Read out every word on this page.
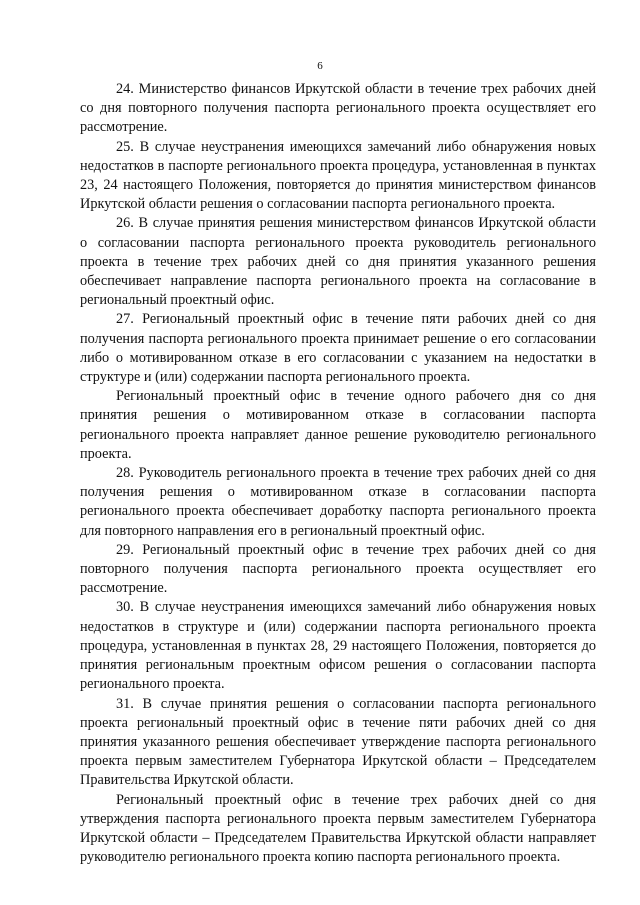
6

24. Министерство финансов Иркутской области в течение трех рабочих дней со дня повторного получения паспорта регионального проекта осуществляет его рассмотрение.

25. В случае неустранения имеющихся замечаний либо обнаружения новых недостатков в паспорте регионального проекта процедура, установленная в пунктах 23, 24 настоящего Положения, повторяется до принятия министерством финансов Иркутской области решения о согласовании паспорта регионального проекта.

26. В случае принятия решения министерством финансов Иркутской области о согласовании паспорта регионального проекта руководитель регионального проекта в течение трех рабочих дней со дня принятия указанного решения обеспечивает направление паспорта регионального проекта на согласование в региональный проектный офис.

27. Региональный проектный офис в течение пяти рабочих дней со дня получения паспорта регионального проекта принимает решение о его согласовании либо о мотивированном отказе в его согласовании с указанием на недостатки в структуре и (или) содержании паспорта регионального проекта.

Региональный проектный офис в течение одного рабочего дня со дня принятия решения о мотивированном отказе в согласовании паспорта регионального проекта направляет данное решение руководителю регионального проекта.

28. Руководитель регионального проекта в течение трех рабочих дней со дня получения решения о мотивированном отказе в согласовании паспорта регионального проекта обеспечивает доработку паспорта регионального проекта для повторного направления его в региональный проектный офис.

29. Региональный проектный офис в течение трех рабочих дней со дня повторного получения паспорта регионального проекта осуществляет его рассмотрение.

30. В случае неустранения имеющихся замечаний либо обнаружения новых недостатков в структуре и (или) содержании паспорта регионального проекта процедура, установленная в пунктах 28, 29 настоящего Положения, повторяется до принятия региональным проектным офисом решения о согласовании паспорта регионального проекта.

31. В случае принятия решения о согласовании паспорта регионального проекта региональный проектный офис в течение пяти рабочих дней со дня принятия указанного решения обеспечивает утверждение паспорта регионального проекта первым заместителем Губернатора Иркутской области – Председателем Правительства Иркутской области.

Региональный проектный офис в течение трех рабочих дней со дня утверждения паспорта регионального проекта первым заместителем Губернатора Иркутской области – Председателем Правительства Иркутской области направляет руководителю регионального проекта копию паспорта регионального проекта.
